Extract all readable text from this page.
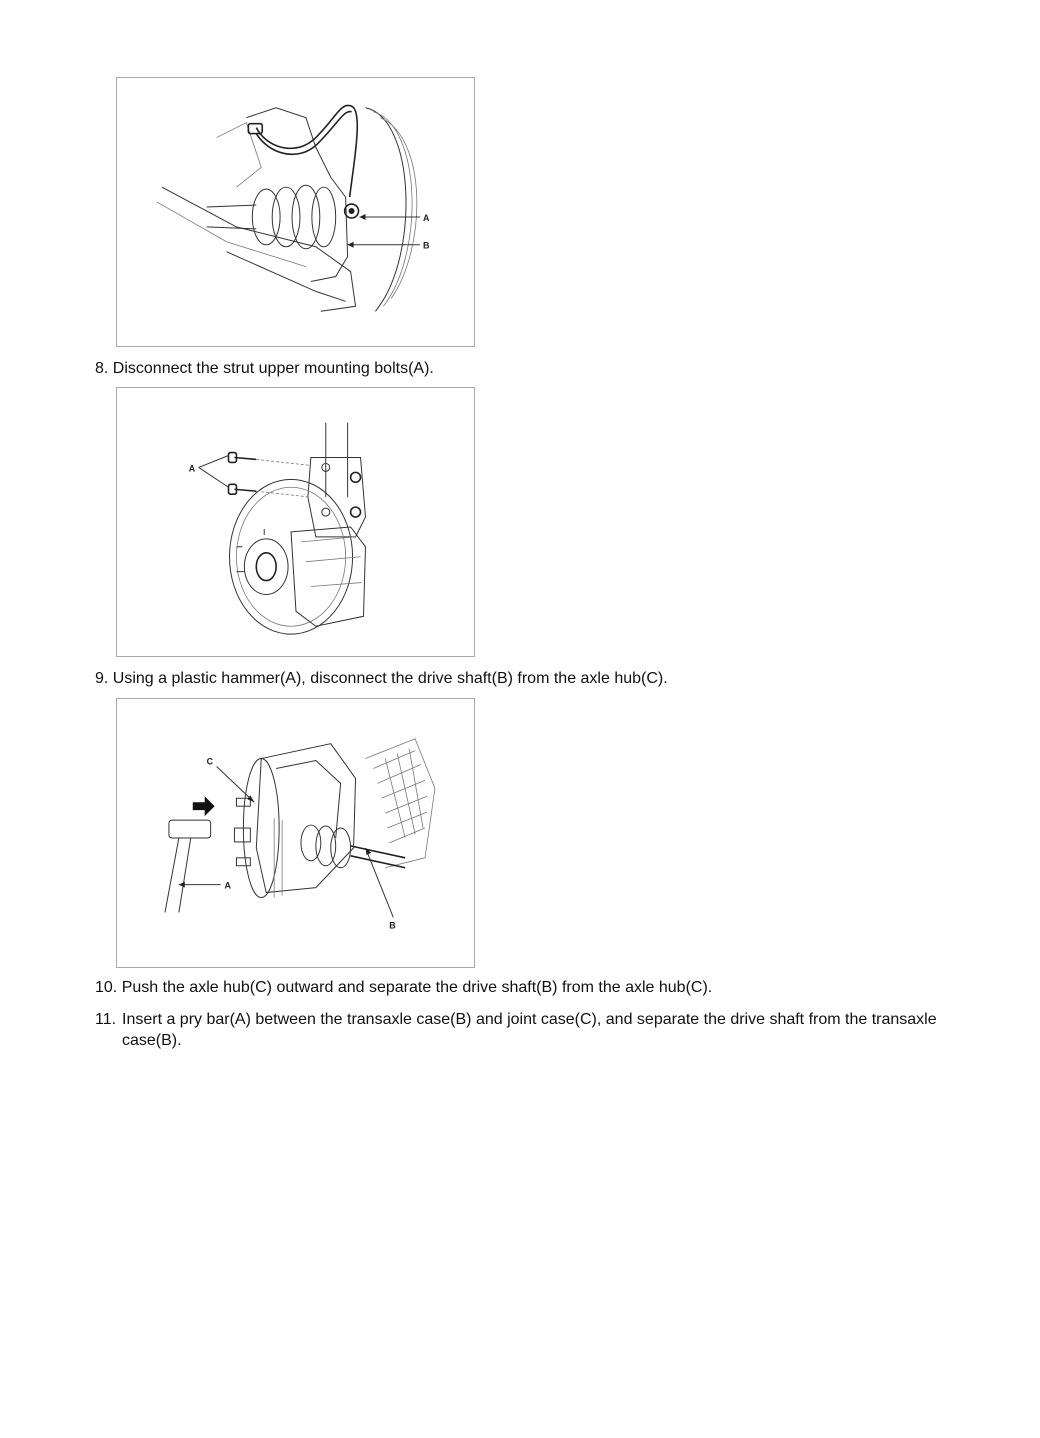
A
B
8. Disconnect the strut upper mounting bolts(A).
A
9. Using a plastic hammer(A), disconnect the drive shaft(B) from the axle hub(C).
C
A
B
10. Push the axle hub(C) outward and separate the drive shaft(B) from the axle hub(C).
11. Insert a pry bar(A) between the transaxle case(B) and joint case(C), and separate the drive shaft from the transaxle case(B).
